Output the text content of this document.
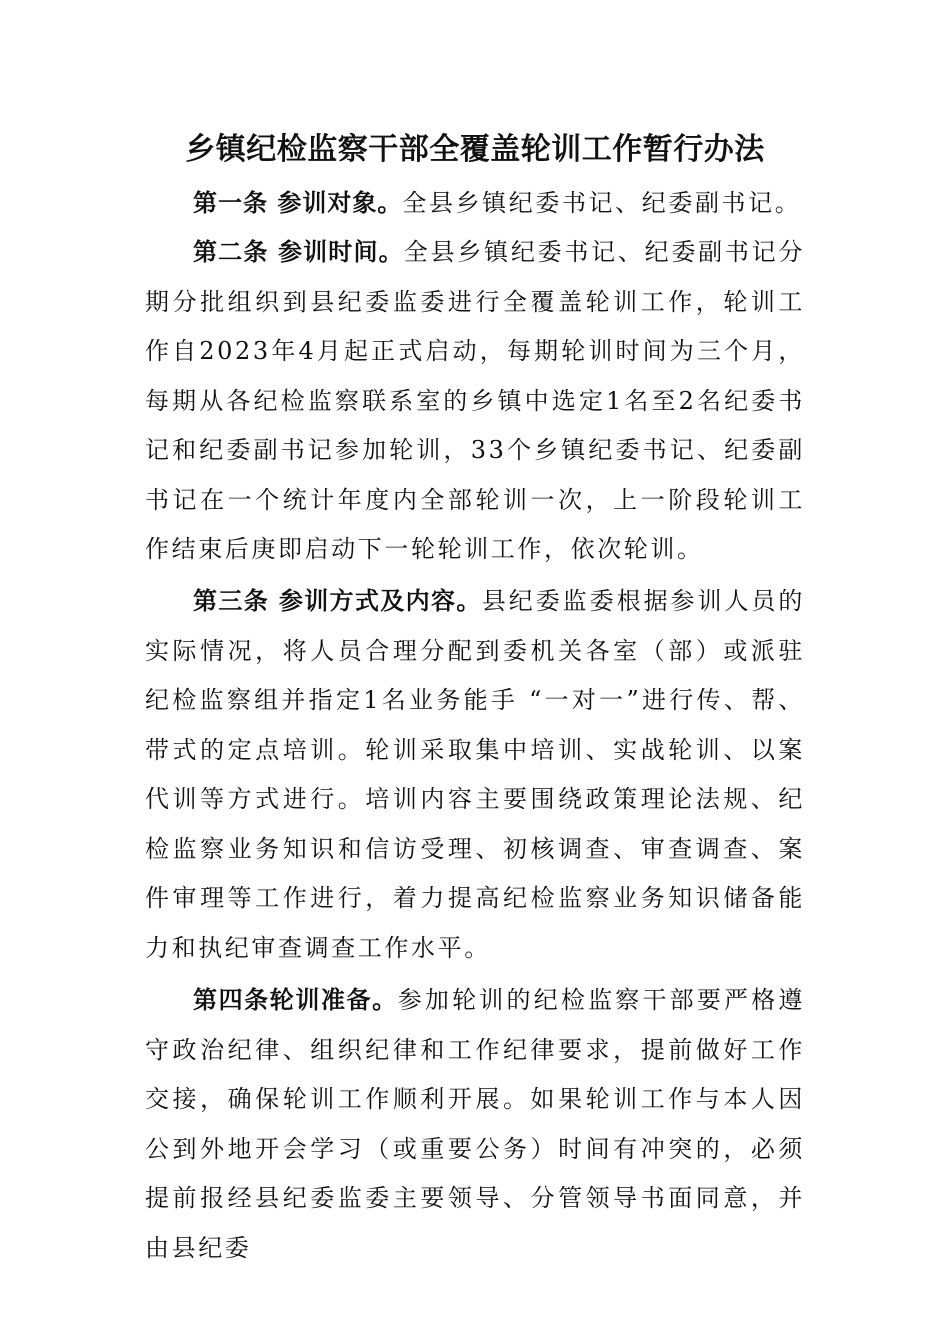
乡镇纪检监察干部全覆盖轮训工作暂行办法

第一条 参训对象。全县乡镇纪委书记、纪委副书记。

第二条 参训时间。全县乡镇纪委书记、纪委副书记分期分批组织到县纪委监委进行全覆盖轮训工作，轮训工作自2023年4月起正式启动，每期轮训时间为三个月，每期从各纪检监察联系室的乡镇中选定1名至2名纪委书记和纪委副书记参加轮训，33个乡镇纪委书记、纪委副书记在一个统计年度内全部轮训一次，上一阶段轮训工作结束后庚即启动下一轮轮训工作，依次轮训。

第三条 参训方式及内容。县纪委监委根据参训人员的实际情况，将人员合理分配到委机关各室（部）或派驻纪检监察组并指定1名业务能手 “一对一”进行传、帮、带式的定点培训。轮训采取集中培训、实战轮训、以案代训等方式进行。培训内容主要围绕政策理论法规、纪检监察业务知识和信访受理、初核调查、审查调查、案件审理等工作进行，着力提高纪检监察业务知识储备能力和执纪审查调查工作水平。

第四条轮训准备。参加轮训的纪检监察干部要严格遵守政治纪律、组织纪律和工作纪律要求，提前做好工作交接，确保轮训工作顺利开展。如果轮训工作与本人因公到外地开会学习（或重要公务）时间有冲突的，必须提前报经县纪委监委主要领导、分管领导书面同意，并由县纪委
